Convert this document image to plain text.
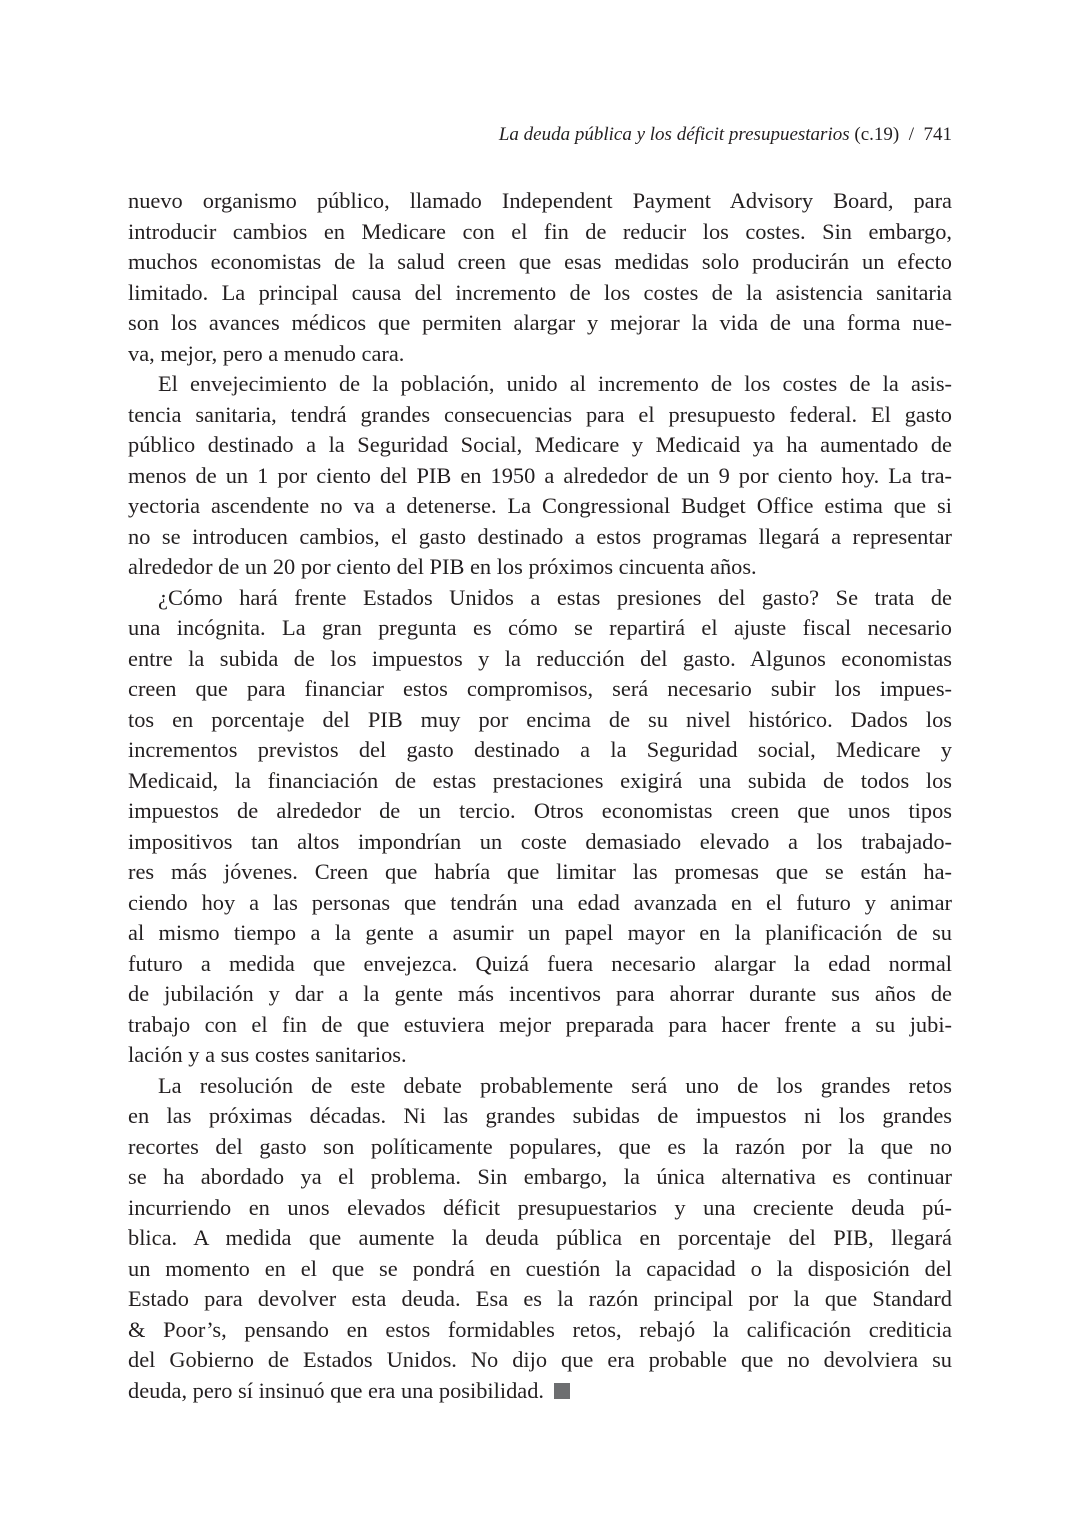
La deuda pública y los déficit presupuestarios (c.19) / 741
nuevo organismo público, llamado Independent Payment Advisory Board, para
introducir cambios en Medicare con el fin de reducir los costes. Sin embargo,
muchos economistas de la salud creen que esas medidas solo producirán un efecto
limitado. La principal causa del incremento de los costes de la asistencia sanitaria
son los avances médicos que permiten alargar y mejorar la vida de una forma nue-
va, mejor, pero a menudo cara.
El envejecimiento de la población, unido al incremento de los costes de la asis-
tencia sanitaria, tendrá grandes consecuencias para el presupuesto federal. El gasto
público destinado a la Seguridad Social, Medicare y Medicaid ya ha aumentado de
menos de un 1 por ciento del PIB en 1950 a alrededor de un 9 por ciento hoy. La tra-
yectoria ascendente no va a detenerse. La Congressional Budget Office estima que si
no se introducen cambios, el gasto destinado a estos programas llegará a representar
alrededor de un 20 por ciento del PIB en los próximos cincuenta años.
¿Cómo hará frente Estados Unidos a estas presiones del gasto? Se trata de
una incógnita. La gran pregunta es cómo se repartirá el ajuste fiscal necesario
entre la subida de los impuestos y la reducción del gasto. Algunos economistas
creen que para financiar estos compromisos, será necesario subir los impues-
tos en porcentaje del PIB muy por encima de su nivel histórico. Dados los
incrementos previstos del gasto destinado a la Seguridad social, Medicare y
Medicaid, la financiación de estas prestaciones exigirá una subida de todos los
impuestos de alrededor de un tercio. Otros economistas creen que unos tipos
impositivos tan altos impondrían un coste demasiado elevado a los trabajado-
res más jóvenes. Creen que habría que limitar las promesas que se están ha-
ciendo hoy a las personas que tendrán una edad avanzada en el futuro y animar
al mismo tiempo a la gente a asumir un papel mayor en la planificación de su
futuro a medida que envejezca. Quizá fuera necesario alargar la edad normal
de jubilación y dar a la gente más incentivos para ahorrar durante sus años de
trabajo con el fin de que estuviera mejor preparada para hacer frente a su jubi-
lación y a sus costes sanitarios.
La resolución de este debate probablemente será uno de los grandes retos
en las próximas décadas. Ni las grandes subidas de impuestos ni los grandes
recortes del gasto son políticamente populares, que es la razón por la que no
se ha abordado ya el problema. Sin embargo, la única alternativa es continuar
incurriendo en unos elevados déficit presupuestarios y una creciente deuda pú-
blica. A medida que aumente la deuda pública en porcentaje del PIB, llegará
un momento en el que se pondrá en cuestión la capacidad o la disposición del
Estado para devolver esta deuda. Esa es la razón principal por la que Standard
& Poor’s, pensando en estos formidables retos, rebajó la calificación crediticia
del Gobierno de Estados Unidos. No dijo que era probable que no devolviera su
deuda, pero sí insinuó que era una posibilidad.
